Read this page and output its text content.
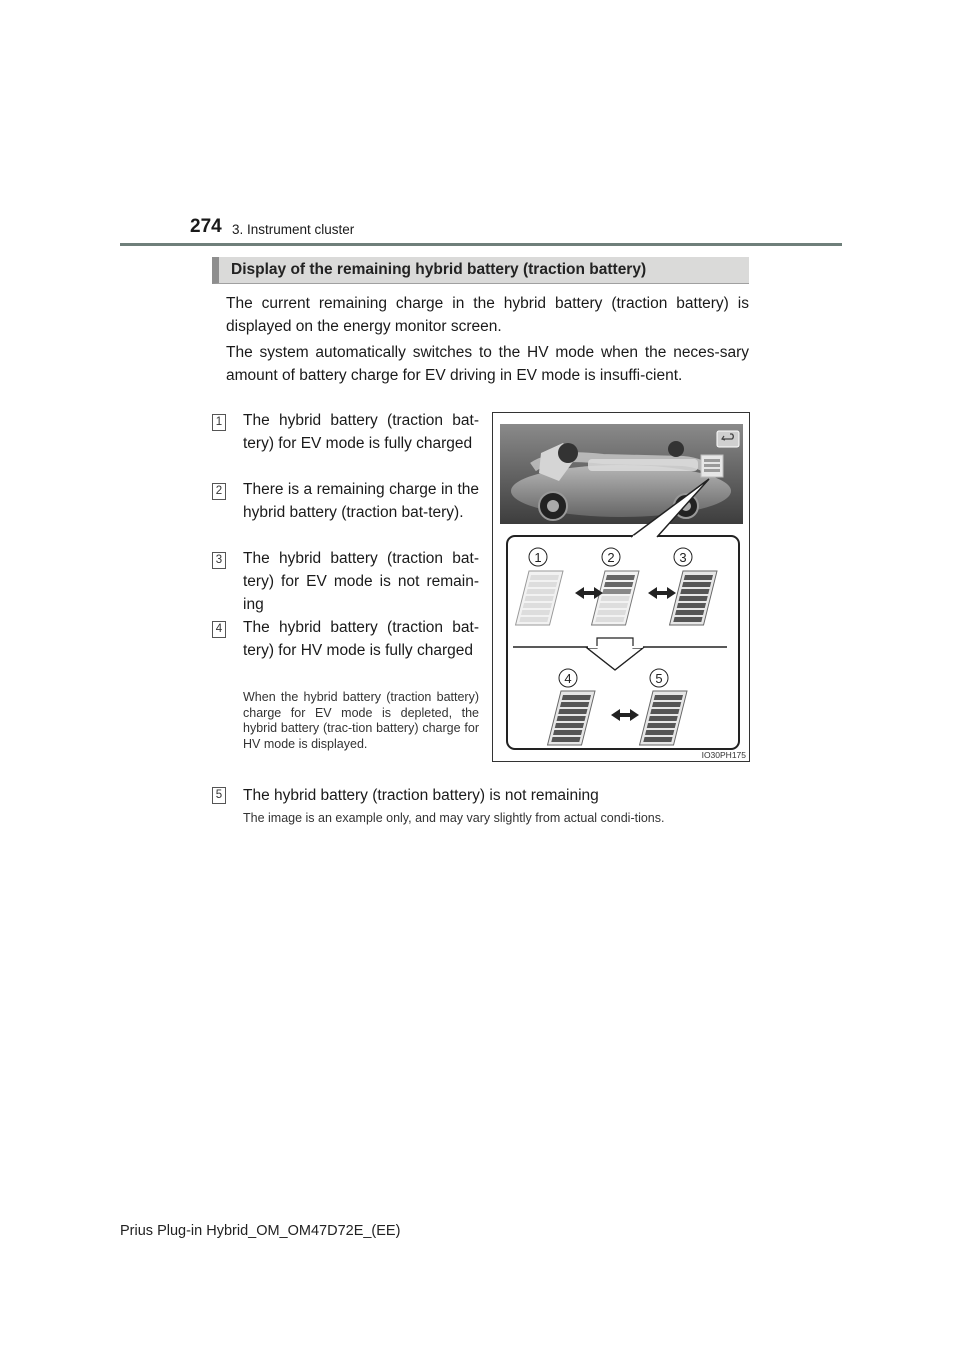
274 3. Instrument cluster
Display of the remaining hybrid battery (traction battery)
The current remaining charge in the hybrid battery (traction battery) is displayed on the energy monitor screen.
The system automatically switches to the HV mode when the neces-sary amount of battery charge for EV driving in EV mode is insuffi-cient.
1 The hybrid battery (traction bat-tery) for EV mode is fully charged
2 There is a remaining charge in the hybrid battery (traction bat-tery).
3 The hybrid battery (traction bat-tery) for EV mode is not remain-ing
4 The hybrid battery (traction bat-tery) for HV mode is fully charged
When the hybrid battery (traction battery) charge for EV mode is depleted, the hybrid battery (trac-tion battery) charge for HV mode is displayed.
5 The hybrid battery (traction battery) is not remaining
The image is an example only, and may vary slightly from actual condi-tions.
1	2	3
4	5
IO30PH175
Prius Plug-in Hybrid_OM_OM47D72E_(EE)
